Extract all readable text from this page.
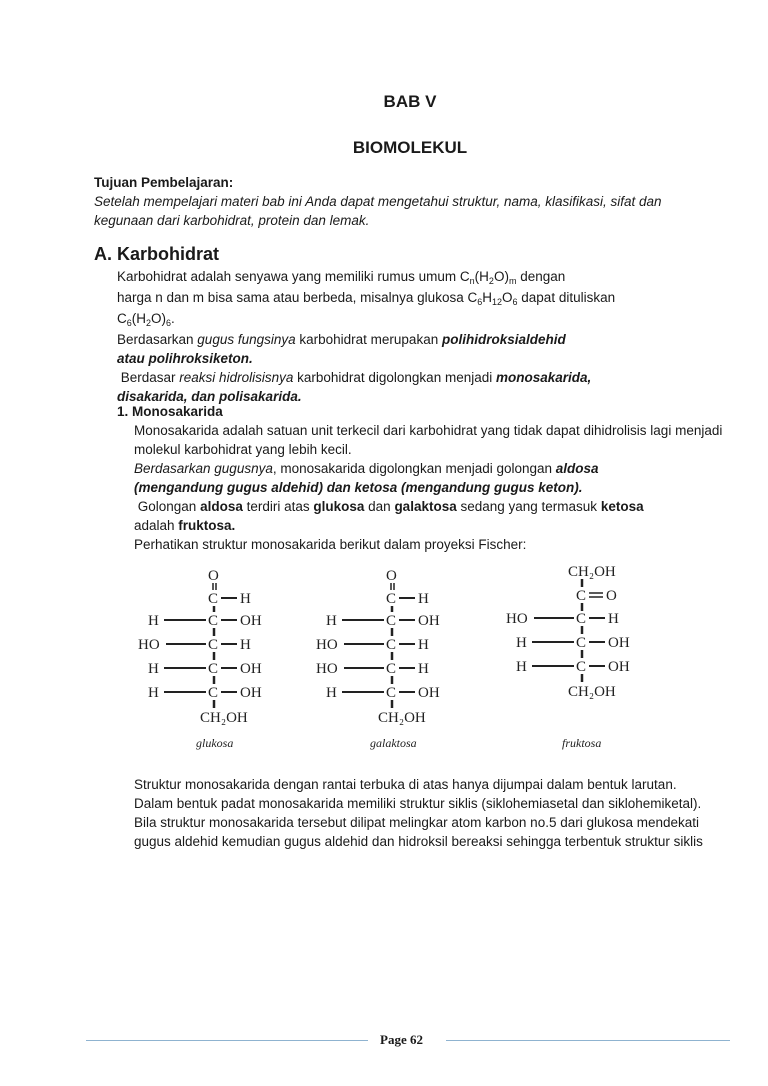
BAB V
BIOMOLEKUL
Tujuan Pembelajaran:
Setelah mempelajari materi bab ini Anda dapat mengetahui struktur, nama, klasifikasi, sifat dan kegunaan dari karbohidrat, protein dan lemak.
A. Karbohidrat
Karbohidrat adalah senyawa yang memiliki rumus umum $C_n(H_2O)_m$ dengan
harga n dan m bisa sama atau berbeda, misalnya glukosa $C_6H_{12}O_6$ dapat dituliskan
$C_6(H_2O)_6$.
Berdasarkan gugus fungsinya karbohidrat merupakan polihidroksialdehid
atau polihroksiketon.
Berdasar reaksi hidrolisisnya karbohidrat digolongkan menjadi monosakarida,
disakarida, dan polisakarida.
1. Monosakarida
Monosakarida adalah satuan unit terkecil dari karbohidrat yang tidak dapat dihidrolisis lagi menjadi molekul karbohidrat yang lebih kecil.
Berdasarkan gugusnya, monosakarida digolongkan menjadi golongan aldosa
(mengandung gugus aldehid) dan ketosa (mengandung gugus keton).
Golongan aldosa terdiri atas glukosa dan galaktosa sedang yang termasuk ketosa
adalah fruktosa.
Perhatikan struktur monosakarida berikut dalam proyeksi Fischer:
O
C H
H	C OH
HO	C H
H	C OH
H	C OH
CH₂OH
glukosa
O
C H
H	C OH
HO	C H
HO	C H
H	C OH
CH₂OH
galaktosa
CH₂OH
C O
HO	C H
H	C OH
H	C OH
CH₂OH
fruktosa
Struktur monosakarida dengan rantai terbuka di atas hanya dijumpai dalam bentuk larutan. Dalam bentuk padat monosakarida memiliki struktur siklis (siklohemiasetal dan siklohemiketal).
Bila struktur monosakarida tersebut dilipat melingkar atom karbon no.5 dari glukosa mendekati gugus aldehid kemudian gugus aldehid dan hidroksil bereaksi sehingga terbentuk struktur siklis
Page 62
